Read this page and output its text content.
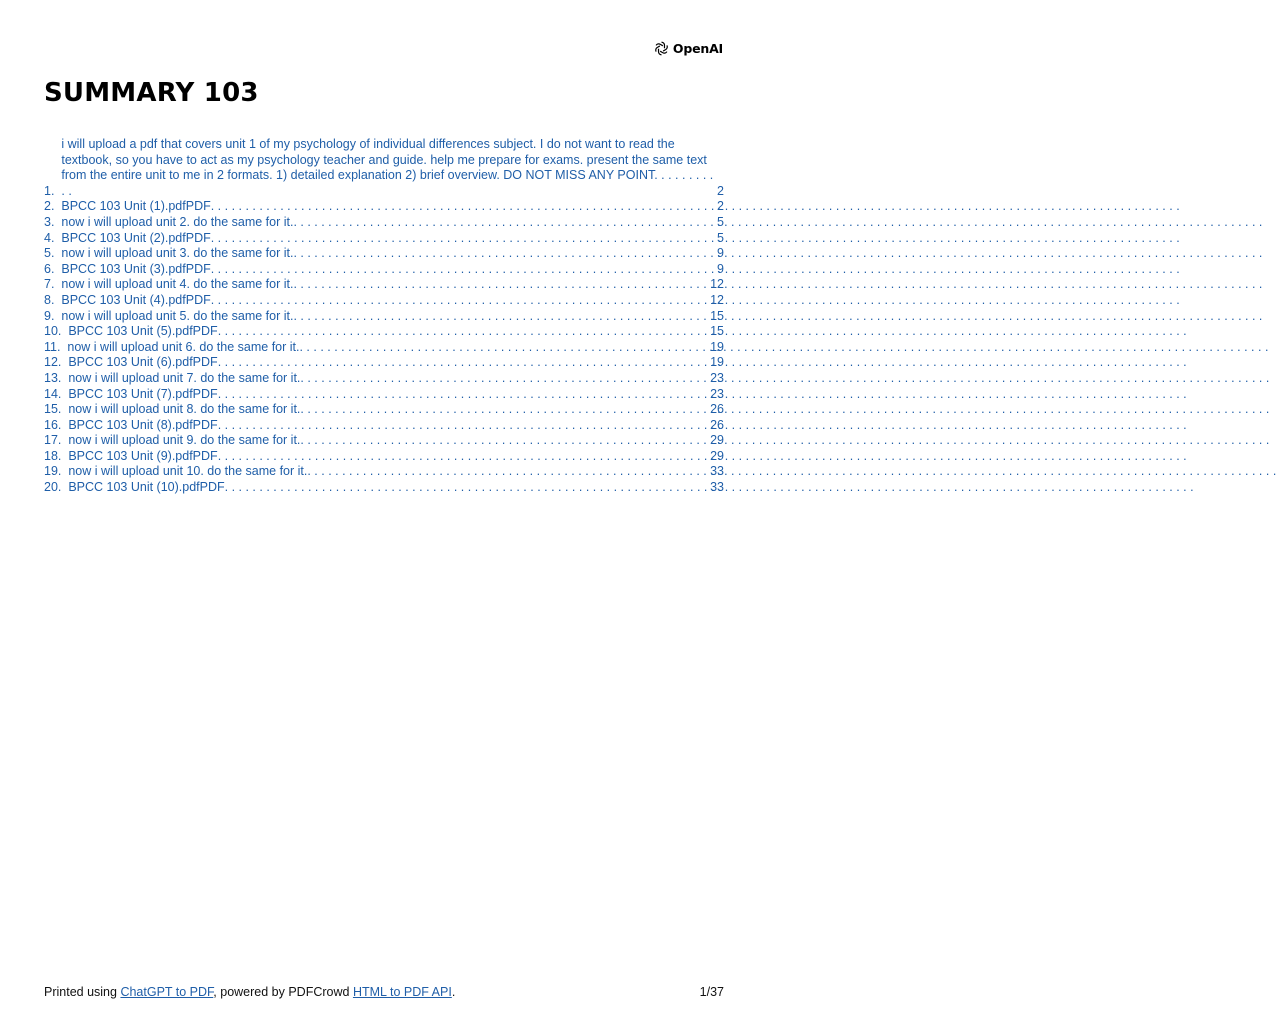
OpenAI
SUMMARY 103
1.
i will upload a pdf that covers unit 1 of my psychology of individual differences subject. I do not want to read the textbook, so you have to act as my psychology teacher and guide. help me prepare for exams. present the same text from the entire unit to me in 2 formats. 1) detailed explanation 2) brief overview. DO NOT MISS ANY POINT. . . . . . . . . . .	2
2. BPCC 103 Unit (1).pdfPDF . . .	2
3. now i will upload unit 2. do the same for it. . . .	5
4. BPCC 103 Unit (2).pdfPDF . . .	5
5. now i will upload unit 3. do the same for it. . . .	9
6. BPCC 103 Unit (3).pdfPDF . . .	9
7. now i will upload unit 4. do the same for it. . . .	12
8. BPCC 103 Unit (4).pdfPDF . . .	12
9. now i will upload unit 5. do the same for it. . . .	15
10. BPCC 103 Unit (5).pdfPDF . . .	15
11. now i will upload unit 6. do the same for it. . . .	19
12. BPCC 103 Unit (6).pdfPDF . . .	19
13. now i will upload unit 7. do the same for it. . . .	23
14. BPCC 103 Unit (7).pdfPDF . . .	23
15. now i will upload unit 8. do the same for it. . . .	26
16. BPCC 103 Unit (8).pdfPDF . . .	26
17. now i will upload unit 9. do the same for it. . . .	29
18. BPCC 103 Unit (9).pdfPDF . . .	29
19. now i will upload unit 10. do the same for it. . . .	33
20. BPCC 103 Unit (10).pdfPDF . . .	33
Printed using ChatGPT to PDF, powered by PDFCrowd HTML to PDF API.	1/37
